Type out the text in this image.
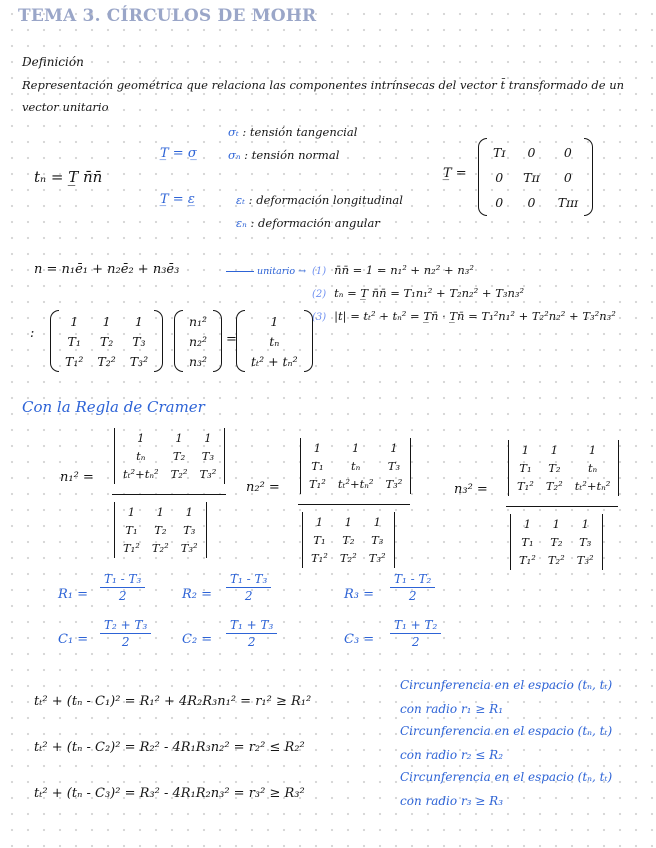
TEMA 3. CÍRCULOS DE MOHR
Definición
Representación geométrica que relaciona las componentes intrínsecas del vector t̄ transformado de un vector unitario
tₙ = T̲ n̄n̄
T̲ = σ̲
σₜ : tensión tangencial
σₙ : tensión normal
T̲ = ε̲	εₜ : deformación longitudinal
εₙ : deformación angular
T̲ =
Tɪ	0	0
0 Tɪɪ	0
0	0	Tɪɪɪ
n = n₁ē₁ + n₂ē₂ + n₃ē₃	unitario → (1) n̄n̄ = 1 = n₁² + n₂² + n₃²
(2) tₙ = T̲ n̄n̄ = T₁n₁² + T₂n₂² + T₃n₃²
(3) |t| = tₜ² + tₙ² = T̲n̄ · T̲n̄ = T₁²n₁² + T₂²n₂² + T₃²n₃²
:
1	1	1
T₁ T₂ T₃
T₁² T₂² T₃²
n₁²
n₂²
n₃²
=
1
tₙ
tₜ² + tₙ²
Con la Regla de Cramer
n₁² =
1	1	1
tₙ	T₂ T₃
tₜ²+tₙ² T₂² T₃²
1	1	1
T₁ T₂ T₃
T₁² T₂² T₃²
n₂² =
1	1	1
T₁	tₙ	T₃
T₁² tₜ²+tₙ² T₃²
1	1	1
T₁ T₂ T₃
T₁² T₂² T₃²
n₃² =
1	1	1
T₁ T₂	tₙ
T₁² T₂² tₜ²+tₙ²
1	1	1
T₁ T₂ T₃
T₁² T₂² T₃²
$R_1 = \frac{\text{T₁ - T₃}}{2}$	$R_2 = \frac{\text{T₁ - T₃}}{2}$	$R_3 = \frac{\text{T₁ - T₂}}{2}$
$C_1 = \frac{\text{T₂ + T₃}}{2} C_2 = \frac{\text{T₁ + T₃}}{2}$	$C_3 = \frac{\text{T₁ + T₂}}{2}$
tₜ² + (tₙ - C₁)² = R₁² + 4R₂R₃n₁² = r₁² ≥ R₁²
Circunferencia en el espacio (tₙ, tₜ)
con radio r₁ ≥ R₁
tₜ² + (tₙ - C₂)² = R₂² - 4R₁R₃n₂² = r₂² ≤ R₂²
Circunferencia en el espacio (tₙ, tₜ)
con radio r₂ ≤ R₂
tₜ² + (tₙ - C₃)² = R₃² - 4R₁R₂n₃² = r₃² ≥ R₃²
Circunferencia en el espacio (tₙ, tₜ)
con radio r₃ ≥ R₃
